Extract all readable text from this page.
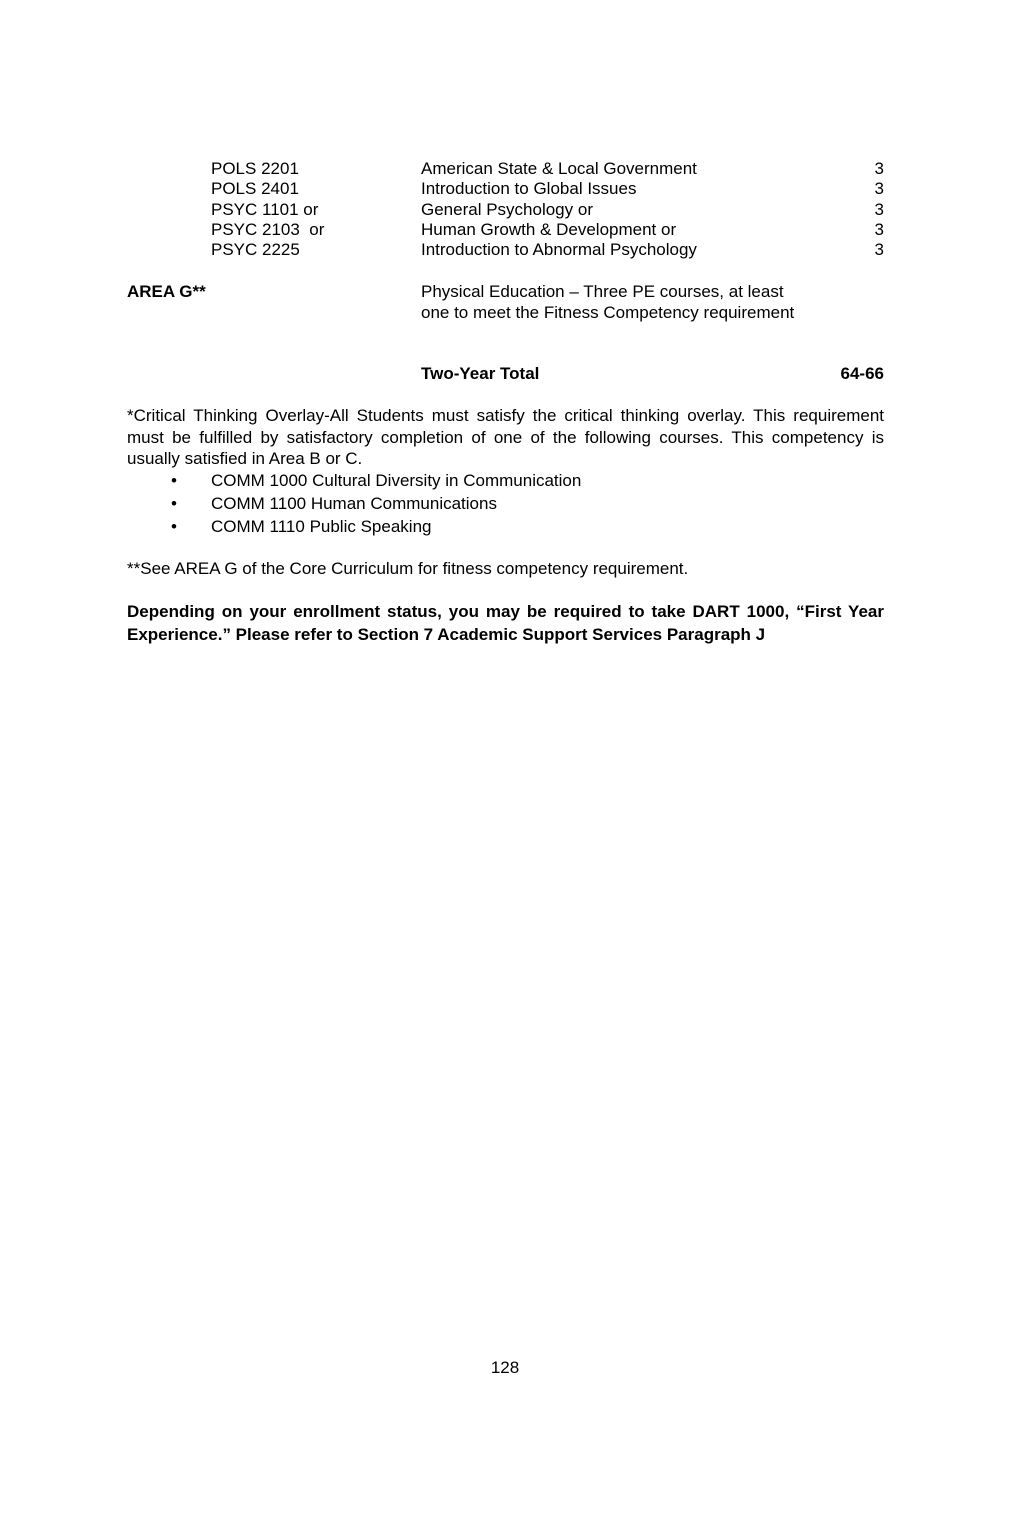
POLS 2201	American State & Local Government	3
POLS 2401	Introduction to Global Issues	3
PSYC 1101 or	General Psychology or	3
PSYC 2103  or	Human Growth & Development or	3
PSYC 2225	Introduction to Abnormal Psychology	3
AREA G**	Physical Education – Three PE courses, at least
one to meet the Fitness Competency requirement
Two-Year Total	64-66
*Critical Thinking Overlay-All Students must satisfy the critical thinking overlay. This requirement must be fulfilled by satisfactory completion of one of the following courses. This competency is usually satisfied in Area B or C.
• COMM 1000 Cultural Diversity in Communication
• COMM 1100 Human Communications
• COMM 1110 Public Speaking
**See AREA G of the Core Curriculum for fitness competency requirement.
Depending on your enrollment status, you may be required to take DART 1000, “First Year Experience.” Please refer to Section 7 Academic Support Services Paragraph J
128
